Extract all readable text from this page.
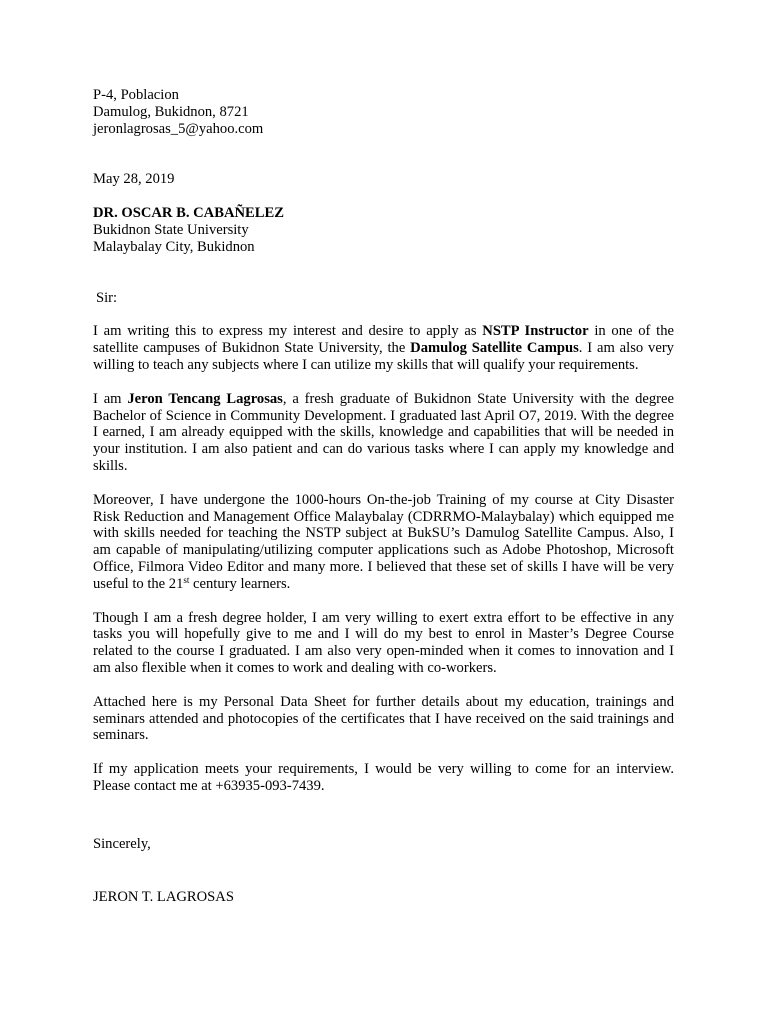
P-4, Poblacion
Damulog, Bukidnon, 8721
jeronlagrosas_5@yahoo.com
May 28, 2019
DR. OSCAR B. CABAÑELEZ
Bukidnon State University
Malaybalay City, Bukidnon
Sir:

I am writing this to express my interest and desire to apply as NSTP Instructor in one of the satellite campuses of Bukidnon State University, the Damulog Satellite Campus. I am also very willing to teach any subjects where I can utilize my skills that will qualify your requirements.

I am Jeron Tencang Lagrosas, a fresh graduate of Bukidnon State University with the degree Bachelor of Science in Community Development. I graduated last April O7, 2019. With the degree I earned, I am already equipped with the skills, knowledge and capabilities that will be needed in your institution. I am also patient and can do various tasks where I can apply my knowledge and skills.

Moreover, I have undergone the 1000-hours On-the-job Training of my course at City Disaster Risk Reduction and Management Office Malaybalay (CDRRMO-Malaybalay) which equipped me with skills needed for teaching the NSTP subject at BukSU’s Damulog Satellite Campus. Also, I am capable of manipulating/utilizing computer applications such as Adobe Photoshop, Microsoft Office, Filmora Video Editor and many more. I believed that these set of skills I have will be very useful to the 21st century learners.

Though I am a fresh degree holder, I am very willing to exert extra effort to be effective in any tasks you will hopefully give to me and I will do my best to enrol in Master’s Degree Course related to the course I graduated. I am also very open-minded when it comes to innovation and I am also flexible when it comes to work and dealing with co-workers.

Attached here is my Personal Data Sheet for further details about my education, trainings and seminars attended and photocopies of the certificates that I have received on the said trainings and seminars.

If my application meets your requirements, I would be very willing to come for an interview. Please contact me at +63935-093-7439.

Sincerely,
JERON T. LAGROSAS
